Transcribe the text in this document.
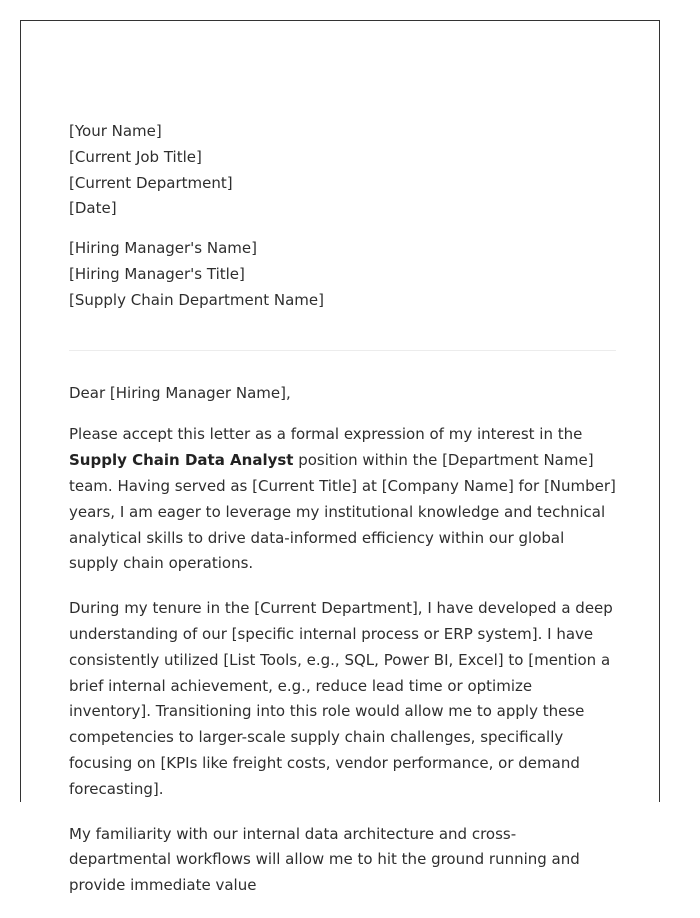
[Your Name]

[Current Job Title]

[Current Department]

[Date]

[Hiring Manager's Name]

[Hiring Manager's Title]

[Supply Chain Department Name]

Dear [Hiring Manager Name],

Please accept this letter as a formal expression of my interest in the Supply Chain Data Analyst position within the [Department Name] team. Having served as [Current Title] at [Company Name] for [Number] years, I am eager to leverage my institutional knowledge and technical analytical skills to drive data-informed efficiency within our global supply chain operations.

During my tenure in the [Current Department], I have developed a deep understanding of our [specific internal process or ERP system]. I have consistently utilized [List Tools, e.g., SQL, Power BI, Excel] to [mention a brief internal achievement, e.g., reduce lead time or optimize inventory]. Transitioning into this role would allow me to apply these competencies to larger-scale supply chain challenges, specifically focusing on [KPIs like freight costs, vendor performance, or demand forecasting].

My familiarity with our internal data architecture and cross-departmental workflows will allow me to hit the ground running and provide immediate value
